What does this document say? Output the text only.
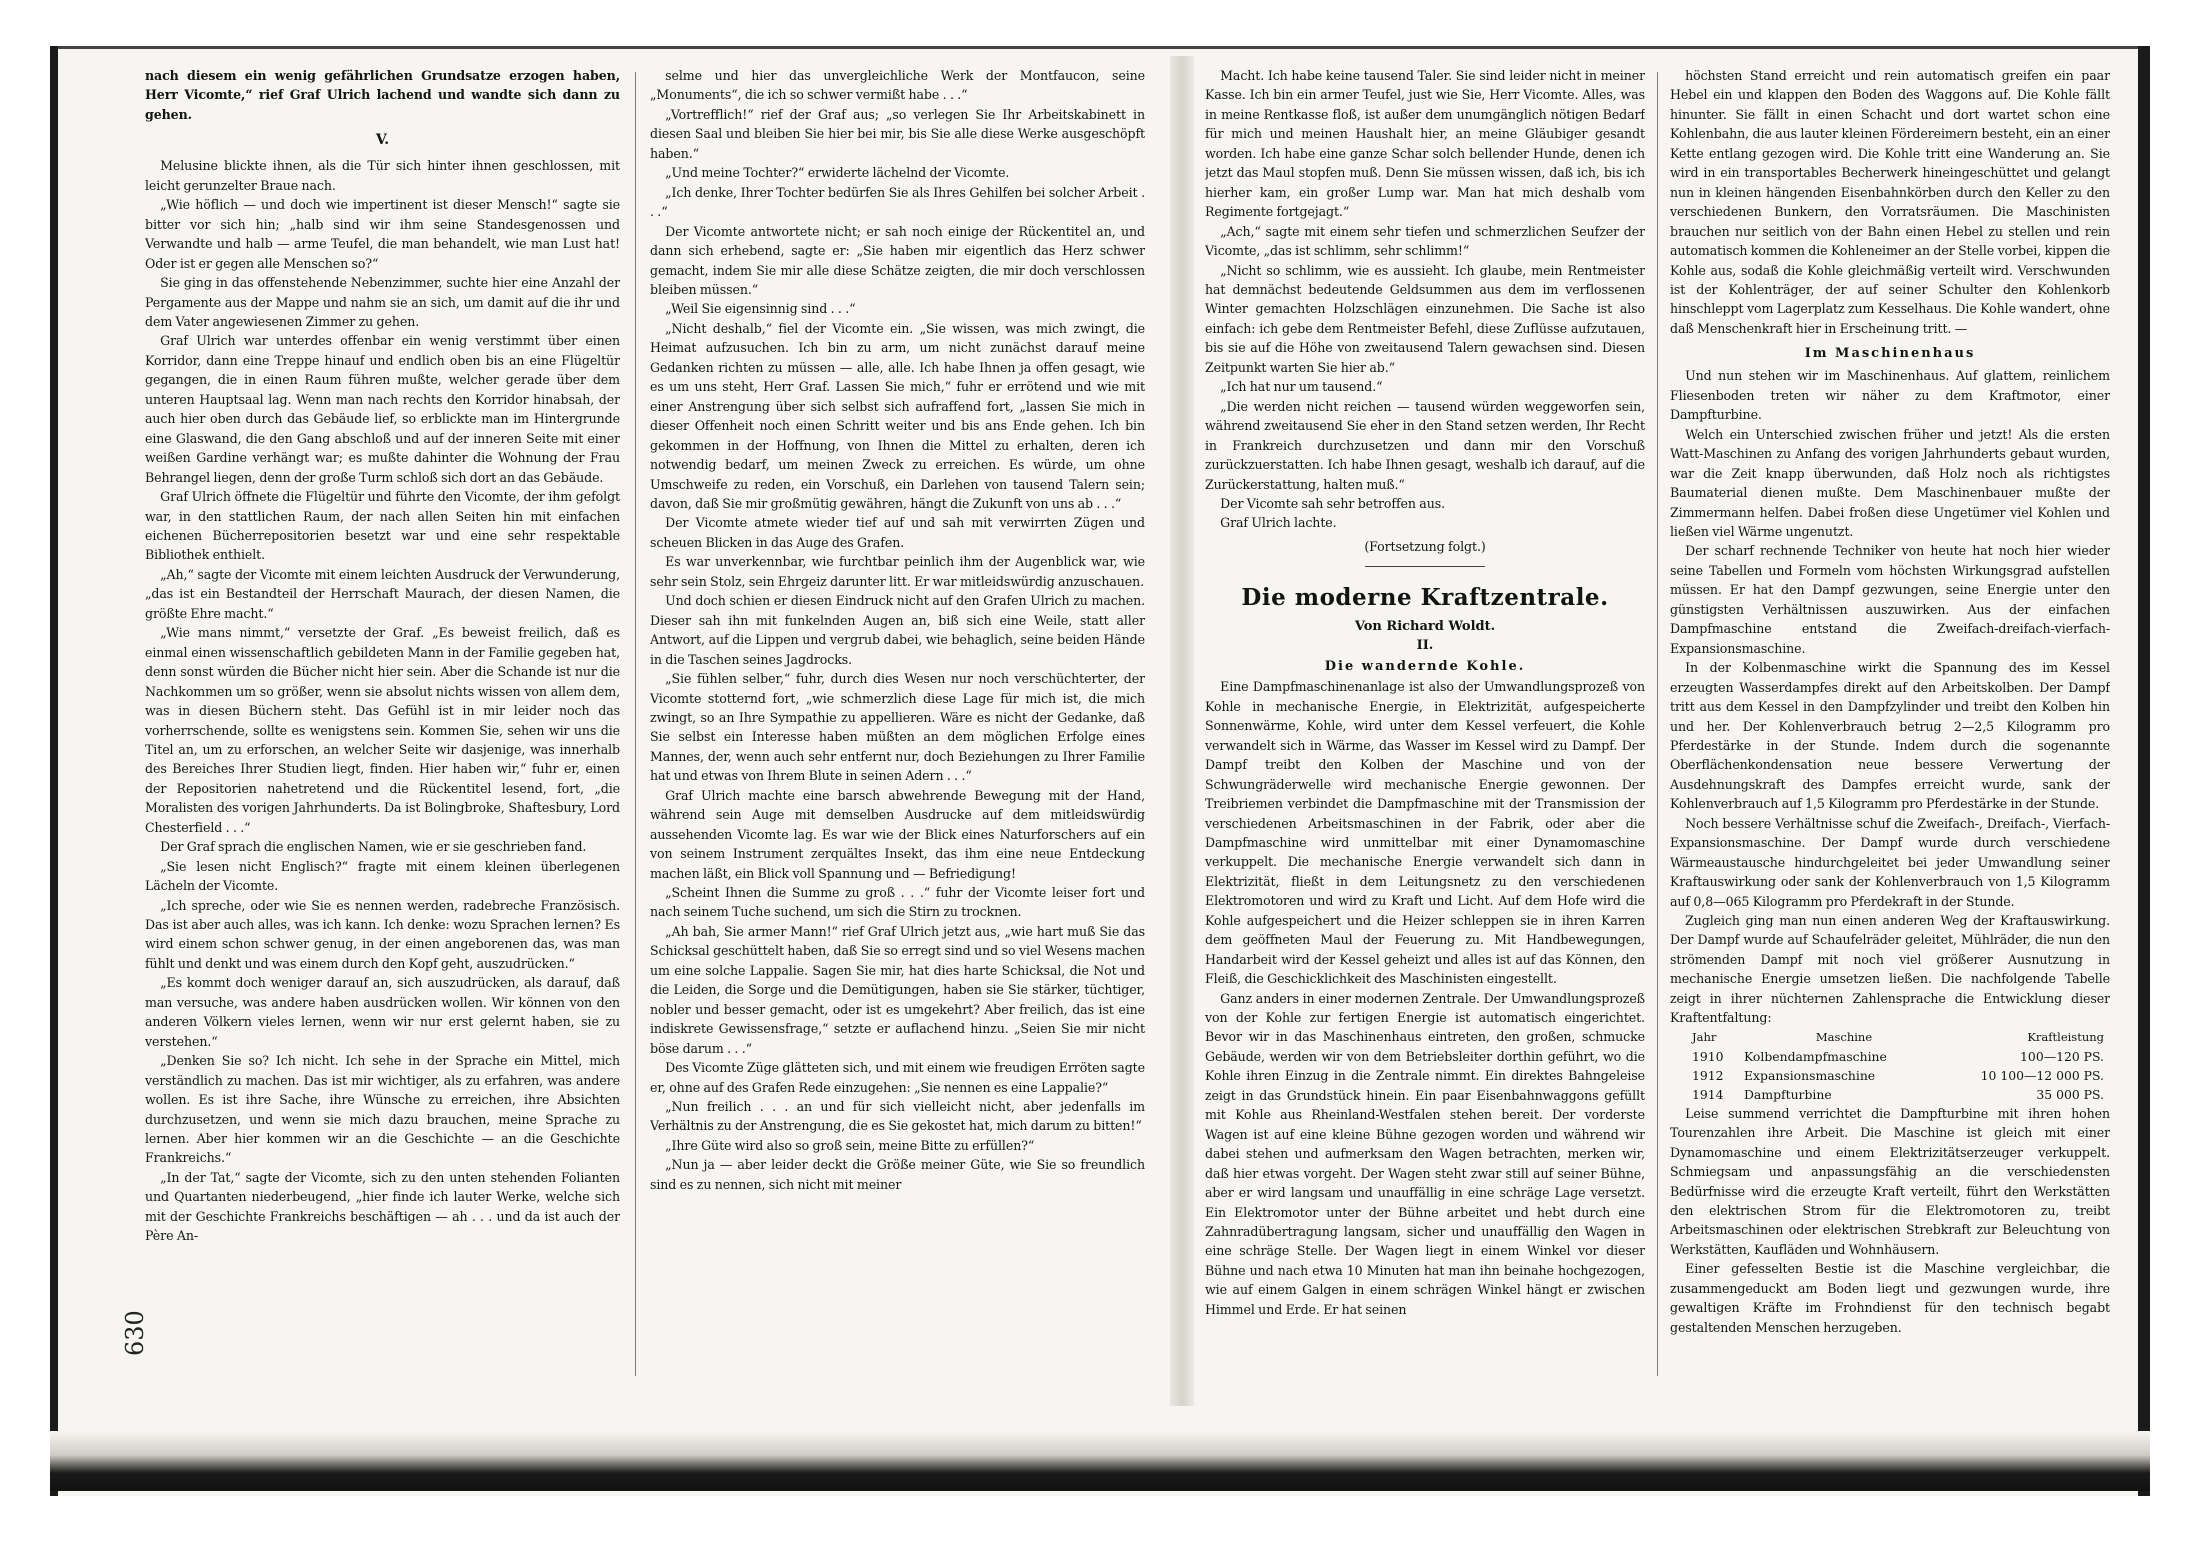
630

nach diesem ein wenig gefährlichen Grundsatze erzogen haben, Herr Vicomte,“ rief Graf Ulrich lachend und wandte sich dann zu gehen.

V.

Melusine blickte ihnen, als die Tür sich hinter ihnen geschlossen, mit leicht gerunzelter Braue nach.

„Wie höflich — und doch wie impertinent ist dieser Mensch!“ sagte sie bitter vor sich hin; „halb sind wir ihm seine Standesgenossen und Verwandte und halb — arme Teufel, die man behandelt, wie man Lust hat! Oder ist er gegen alle Menschen so?“

Sie ging in das offenstehende Nebenzimmer, suchte hier eine Anzahl der Pergamente aus der Mappe und nahm sie an sich, um damit auf die ihr und dem Vater angewiesenen Zimmer zu gehen.

Graf Ulrich war unterdes offenbar ein wenig verstimmt über einen Korridor, dann eine Treppe hinauf und endlich oben bis an eine Flügeltür gegangen, die in einen Raum führen mußte, welcher gerade über dem unteren Hauptsaal lag. Wenn man nach rechts den Korridor hinabsah, der auch hier oben durch das Gebäude lief, so erblickte man im Hintergrunde eine Glaswand, die den Gang abschloß und auf der inneren Seite mit einer weißen Gardine verhängt war; es mußte dahinter die Wohnung der Frau Behrangel liegen, denn der große Turm schloß sich dort an das Gebäude.

Graf Ulrich öffnete die Flügeltür und führte den Vicomte, der ihm gefolgt war, in den stattlichen Raum, der nach allen Seiten hin mit einfachen eichenen Bücherrepositorien besetzt war und eine sehr respektable Bibliothek enthielt.

„Ah,“ sagte der Vicomte mit einem leichten Ausdruck der Verwunderung, „das ist ein Bestandteil der Herrschaft Maurach, der diesen Namen, die größte Ehre macht.“

„Wie mans nimmt,“ versetzte der Graf. „Es beweist freilich, daß es einmal einen wissenschaftlich gebildeten Mann in der Familie gegeben hat, denn sonst würden die Bücher nicht hier sein. Aber die Schande ist nur die Nachkommen um so größer, wenn sie absolut nichts wissen von allem dem, was in diesen Büchern steht. Das Gefühl ist in mir leider noch das vorherrschende, sollte es wenigstens sein. Kommen Sie, sehen wir uns die Titel an, um zu erforschen, an welcher Seite wir dasjenige, was innerhalb des Bereiches Ihrer Studien liegt, finden. Hier haben wir,“ fuhr er, einen der Repositorien nahetretend und die Rückentitel lesend, fort, „die Moralisten des vorigen Jahrhunderts. Da ist Bolingbroke, Shaftesbury, Lord Chesterfield . . .“

Der Graf sprach die englischen Namen, wie er sie geschrieben fand.

„Sie lesen nicht Englisch?“ fragte mit einem kleinen überlegenen Lächeln der Vicomte.

„Ich spreche, oder wie Sie es nennen werden, radebreche Französisch. Das ist aber auch alles, was ich kann. Ich denke: wozu Sprachen lernen? Es wird einem schon schwer genug, in der einen angeborenen das, was man fühlt und denkt und was einem durch den Kopf geht, auszudrücken.“

„Es kommt doch weniger darauf an, sich auszudrücken, als darauf, daß man versuche, was andere haben ausdrücken wollen. Wir können von den anderen Völkern vieles lernen, wenn wir nur erst gelernt haben, sie zu verstehen.“

„Denken Sie so? Ich nicht. Ich sehe in der Sprache ein Mittel, mich verständlich zu machen. Das ist mir wichtiger, als zu erfahren, was andere wollen. Es ist ihre Sache, ihre Wünsche zu erreichen, ihre Absichten durchzusetzen, und wenn sie mich dazu brauchen, meine Sprache zu lernen. Aber hier kommen wir an die Geschichte — an die Geschichte Frankreichs.“

„In der Tat,“ sagte der Vicomte, sich zu den unten stehenden Folianten und Quartanten niederbeugend, „hier finde ich lauter Werke, welche sich mit der Geschichte Frankreichs beschäftigen — ah . . . und da ist auch der Père An-

selme und hier das unvergleichliche Werk der Montfaucon, seine „Monuments“, die ich so schwer vermißt habe . . .“

„Vortrefflich!“ rief der Graf aus; „so verlegen Sie Ihr Arbeitskabinett in diesen Saal und bleiben Sie hier bei mir, bis Sie alle diese Werke ausgeschöpft haben.“

„Und meine Tochter?“ erwiderte lächelnd der Vicomte.

„Ich denke, Ihrer Tochter bedürfen Sie als Ihres Gehilfen bei solcher Arbeit . . .“

Der Vicomte antwortete nicht; er sah noch einige der Rückentitel an, und dann sich erhebend, sagte er: „Sie haben mir eigentlich das Herz schwer gemacht, indem Sie mir alle diese Schätze zeigten, die mir doch verschlossen bleiben müssen.“

„Weil Sie eigensinnig sind . . .“

„Nicht deshalb,“ fiel der Vicomte ein. „Sie wissen, was mich zwingt, die Heimat aufzusuchen. Ich bin zu arm, um nicht zunächst darauf meine Gedanken richten zu müssen — alle, alle. Ich habe Ihnen ja offen gesagt, wie es um uns steht, Herr Graf. Lassen Sie mich,“ fuhr er errötend und wie mit einer Anstrengung über sich selbst sich aufraffend fort, „lassen Sie mich in dieser Offenheit noch einen Schritt weiter und bis ans Ende gehen. Ich bin gekommen in der Hoffnung, von Ihnen die Mittel zu erhalten, deren ich notwendig bedarf, um meinen Zweck zu erreichen. Es würde, um ohne Umschweife zu reden, ein Vorschuß, ein Darlehen von tausend Talern sein; davon, daß Sie mir großmütig gewähren, hängt die Zukunft von uns ab . . .“

Der Vicomte atmete wieder tief auf und sah mit verwirrten Zügen und scheuen Blicken in das Auge des Grafen.

Es war unverkennbar, wie furchtbar peinlich ihm der Augenblick war, wie sehr sein Stolz, sein Ehrgeiz darunter litt. Er war mitleidswürdig anzuschauen.

Und doch schien er diesen Eindruck nicht auf den Grafen Ulrich zu machen. Dieser sah ihn mit funkelnden Augen an, biß sich eine Weile, statt aller Antwort, auf die Lippen und vergrub dabei, wie behaglich, seine beiden Hände in die Taschen seines Jagdrocks.

„Sie fühlen selber,“ fuhr, durch dies Wesen nur noch verschüchterter, der Vicomte stotternd fort, „wie schmerzlich diese Lage für mich ist, die mich zwingt, so an Ihre Sympathie zu appellieren. Wäre es nicht der Gedanke, daß Sie selbst ein Interesse haben müßten an dem möglichen Erfolge eines Mannes, der, wenn auch sehr entfernt nur, doch Beziehungen zu Ihrer Familie hat und etwas von Ihrem Blute in seinen Adern . . .“

Graf Ulrich machte eine barsch abwehrende Bewegung mit der Hand, während sein Auge mit demselben Ausdrucke auf dem mitleidswürdig aussehenden Vicomte lag. Es war wie der Blick eines Naturforschers auf ein von seinem Instrument zerquältes Insekt, das ihm eine neue Entdeckung machen läßt, ein Blick voll Spannung und — Befriedigung!

„Scheint Ihnen die Summe zu groß . . .“ fuhr der Vicomte leiser fort und nach seinem Tuche suchend, um sich die Stirn zu trocknen.

„Ah bah, Sie armer Mann!“ rief Graf Ulrich jetzt aus, „wie hart muß Sie das Schicksal geschüttelt haben, daß Sie so erregt sind und so viel Wesens machen um eine solche Lappalie. Sagen Sie mir, hat dies harte Schicksal, die Not und die Leiden, die Sorge und die Demütigungen, haben sie Sie stärker, tüchtiger, nobler und besser gemacht, oder ist es umgekehrt? Aber freilich, das ist eine indiskrete Gewissensfrage,“ setzte er auflachend hinzu. „Seien Sie mir nicht böse darum . . .“

Des Vicomte Züge glätteten sich, und mit einem wie freudigen Erröten sagte er, ohne auf des Grafen Rede einzugehen: „Sie nennen es eine Lappalie?“

„Nun freilich . . . an und für sich vielleicht nicht, aber jedenfalls im Verhältnis zu der Anstrengung, die es Sie gekostet hat, mich darum zu bitten!“

„Ihre Güte wird also so groß sein, meine Bitte zu erfüllen?“

„Nun ja — aber leider deckt die Größe meiner Güte, wie Sie so freundlich sind es zu nennen, sich nicht mit meiner

Macht. Ich habe keine tausend Taler. Sie sind leider nicht in meiner Kasse. Ich bin ein armer Teufel, just wie Sie, Herr Vicomte. Alles, was in meine Rentkasse floß, ist außer dem unumgänglich nötigen Bedarf für mich und meinen Haushalt hier, an meine Gläubiger gesandt worden. Ich habe eine ganze Schar solch bellender Hunde, denen ich jetzt das Maul stopfen muß. Denn Sie müssen wissen, daß ich, bis ich hierher kam, ein großer Lump war. Man hat mich deshalb vom Regimente fortgejagt.“

„Ach,“ sagte mit einem sehr tiefen und schmerzlichen Seufzer der Vicomte, „das ist schlimm, sehr schlimm!“

„Nicht so schlimm, wie es aussieht. Ich glaube, mein Rentmeister hat demnächst bedeutende Geldsummen aus dem im verflossenen Winter gemachten Holzschlägen einzunehmen. Die Sache ist also einfach: ich gebe dem Rentmeister Befehl, diese Zuflüsse aufzutauen, bis sie auf die Höhe von zweitausend Talern gewachsen sind. Diesen Zeitpunkt warten Sie hier ab.“

„Ich hat nur um tausend.“

„Die werden nicht reichen — tausend würden weggeworfen sein, während zweitausend Sie eher in den Stand setzen werden, Ihr Recht in Frankreich durchzusetzen und dann mir den Vorschuß zurückzuerstatten. Ich habe Ihnen gesagt, weshalb ich darauf, auf die Zurückerstattung, halten muß.“

Der Vicomte sah sehr betroffen aus.

Graf Ulrich lachte.

(Fortsetzung folgt.)

Die moderne Kraftzentrale.
Von Richard Woldt.
II.
Die wandernde Kohle.

Eine Dampfmaschinenanlage ist also der Umwandlungsprozeß von Kohle in mechanische Energie, in Elektrizität, aufgespeicherte Sonnenwärme, Kohle, wird unter dem Kessel verfeuert, die Kohle verwandelt sich in Wärme, das Wasser im Kessel wird zu Dampf. Der Dampf treibt den Kolben der Maschine und von der Schwungräderwelle wird mechanische Energie gewonnen. Der Treibriemen verbindet die Dampfmaschine mit der Transmission der verschiedenen Arbeitsmaschinen in der Fabrik, oder aber die Dampfmaschine wird unmittelbar mit einer Dynamomaschine verkuppelt. Die mechanische Energie verwandelt sich dann in Elektrizität, fließt in dem Leitungsnetz zu den verschiedenen Elektromotoren und wird zu Kraft und Licht. Auf dem Hofe wird die Kohle aufgespeichert und die Heizer schleppen sie in ihren Karren dem geöffneten Maul der Feuerung zu. Mit Handbewegungen, Handarbeit wird der Kessel geheizt und alles ist auf das Können, den Fleiß, die Geschicklichkeit des Maschinisten eingestellt.

Ganz anders in einer modernen Zentrale. Der Umwandlungsprozeß von der Kohle zur fertigen Energie ist automatisch eingerichtet. Bevor wir in das Maschinenhaus eintreten, den großen, schmucke Gebäude, werden wir von dem Betriebsleiter dorthin geführt, wo die Kohle ihren Einzug in die Zentrale nimmt. Ein direktes Bahngeleise zeigt in das Grundstück hinein. Ein paar Eisenbahnwaggons gefüllt mit Kohle aus Rheinland-Westfalen stehen bereit. Der vorderste Wagen ist auf eine kleine Bühne gezogen worden und während wir dabei stehen und aufmerksam den Wagen betrachten, merken wir, daß hier etwas vorgeht. Der Wagen steht zwar still auf seiner Bühne, aber er wird langsam und unauffällig in eine schräge Lage versetzt. Ein Elektromotor unter der Bühne arbeitet und hebt durch eine Zahnradübertragung langsam, sicher und unauffällig den Wagen in eine schräge Stelle. Der Wagen liegt in einem Winkel vor dieser Bühne und nach etwa 10 Minuten hat man ihn beinahe hochgezogen, wie auf einem Galgen in einem schrägen Winkel hängt er zwischen Himmel und Erde. Er hat seinen

höchsten Stand erreicht und rein automatisch greifen ein paar Hebel ein und klappen den Boden des Waggons auf. Die Kohle fällt hinunter. Sie fällt in einen Schacht und dort wartet schon eine Kohlenbahn, die aus lauter kleinen Fördereimern besteht, ein an einer Kette entlang gezogen wird. Die Kohle tritt eine Wanderung an. Sie wird in ein transportables Becherwerk hineingeschüttet und gelangt nun in kleinen hängenden Eisenbahnkörben durch den Keller zu den verschiedenen Bunkern, den Vorratsräumen. Die Maschinisten brauchen nur seitlich von der Bahn einen Hebel zu stellen und rein automatisch kommen die Kohleneimer an der Stelle vorbei, kippen die Kohle aus, sodaß die Kohle gleichmäßig verteilt wird. Verschwunden ist der Kohlenträger, der auf seiner Schulter den Kohlenkorb hinschleppt vom Lagerplatz zum Kesselhaus. Die Kohle wandert, ohne daß Menschenkraft hier in Erscheinung tritt. —

Im Maschinenhaus

Und nun stehen wir im Maschinenhaus. Auf glattem, reinlichem Fliesenboden treten wir näher zu dem Kraftmotor, einer Dampfturbine.

Welch ein Unterschied zwischen früher und jetzt! Als die ersten Watt-Maschinen zu Anfang des vorigen Jahrhunderts gebaut wurden, war die Zeit knapp überwunden, daß Holz noch als richtigstes Baumaterial dienen mußte. Dem Maschinenbauer mußte der Zimmermann helfen. Dabei froßen diese Ungetümer viel Kohlen und ließen viel Wärme ungenutzt.

Der scharf rechnende Techniker von heute hat noch hier wieder seine Tabellen und Formeln vom höchsten Wirkungsgrad aufstellen müssen. Er hat den Dampf gezwungen, seine Energie unter den günstigsten Verhältnissen auszuwirken. Aus der einfachen Dampfmaschine entstand die Zweifach-dreifach-vierfach-Expansionsmaschine.

In der Kolbenmaschine wirkt die Spannung des im Kessel erzeugten Wasserdampfes direkt auf den Arbeitskolben. Der Dampf tritt aus dem Kessel in den Dampfzylinder und treibt den Kolben hin und her. Der Kohlenverbrauch betrug 2—2,5 Kilogramm pro Pferdestärke in der Stunde. Indem durch die sogenannte Oberflächenkondensation neue bessere Verwertung der Ausdehnungskraft des Dampfes erreicht wurde, sank der Kohlenverbrauch auf 1,5 Kilogramm pro Pferdestärke in der Stunde.

Noch bessere Verhältnisse schuf die Zweifach-, Dreifach-, Vierfach-Expansionsmaschine. Der Dampf wurde durch verschiedene Wärmeaustausche hindurchgeleitet bei jeder Umwandlung seiner Kraftauswirkung oder sank der Kohlenverbrauch von 1,5 Kilogramm auf 0,8—065 Kilogramm pro Pferdekraft in der Stunde.

Zugleich ging man nun einen anderen Weg der Kraftauswirkung. Der Dampf wurde auf Schaufelräder geleitet, Mühlräder, die nun den strömenden Dampf mit noch viel größerer Ausnutzung in mechanische Energie umsetzen ließen. Die nachfolgende Tabelle zeigt in ihrer nüchternen Zahlensprache die Entwicklung dieser Kraftentfaltung:

Jahr	Maschine	Kraftleistung
1910	Kolbendampfmaschine	100—120 PS.
1912	Expansionsmaschine	10 100—12 000 PS.
1914	Dampfturbine	35 000 PS.

Leise summend verrichtet die Dampfturbine mit ihren hohen Tourenzahlen ihre Arbeit. Die Maschine ist gleich mit einer Dynamomaschine und einem Elektrizitätserzeuger verkuppelt. Schmiegsam und anpassungsfähig an die verschiedensten Bedürfnisse wird die erzeugte Kraft verteilt, führt den Werkstätten den elektrischen Strom für die Elektromotoren zu, treibt Arbeitsmaschinen oder elektrischen Strebkraft zur Beleuchtung von Werkstätten, Kaufläden und Wohnhäusern.

Einer gefesselten Bestie ist die Maschine vergleichbar, die zusammengeduckt am Boden liegt und gezwungen wurde, ihre gewaltigen Kräfte im Frohndienst für den technisch begabt gestaltenden Menschen herzugeben.
